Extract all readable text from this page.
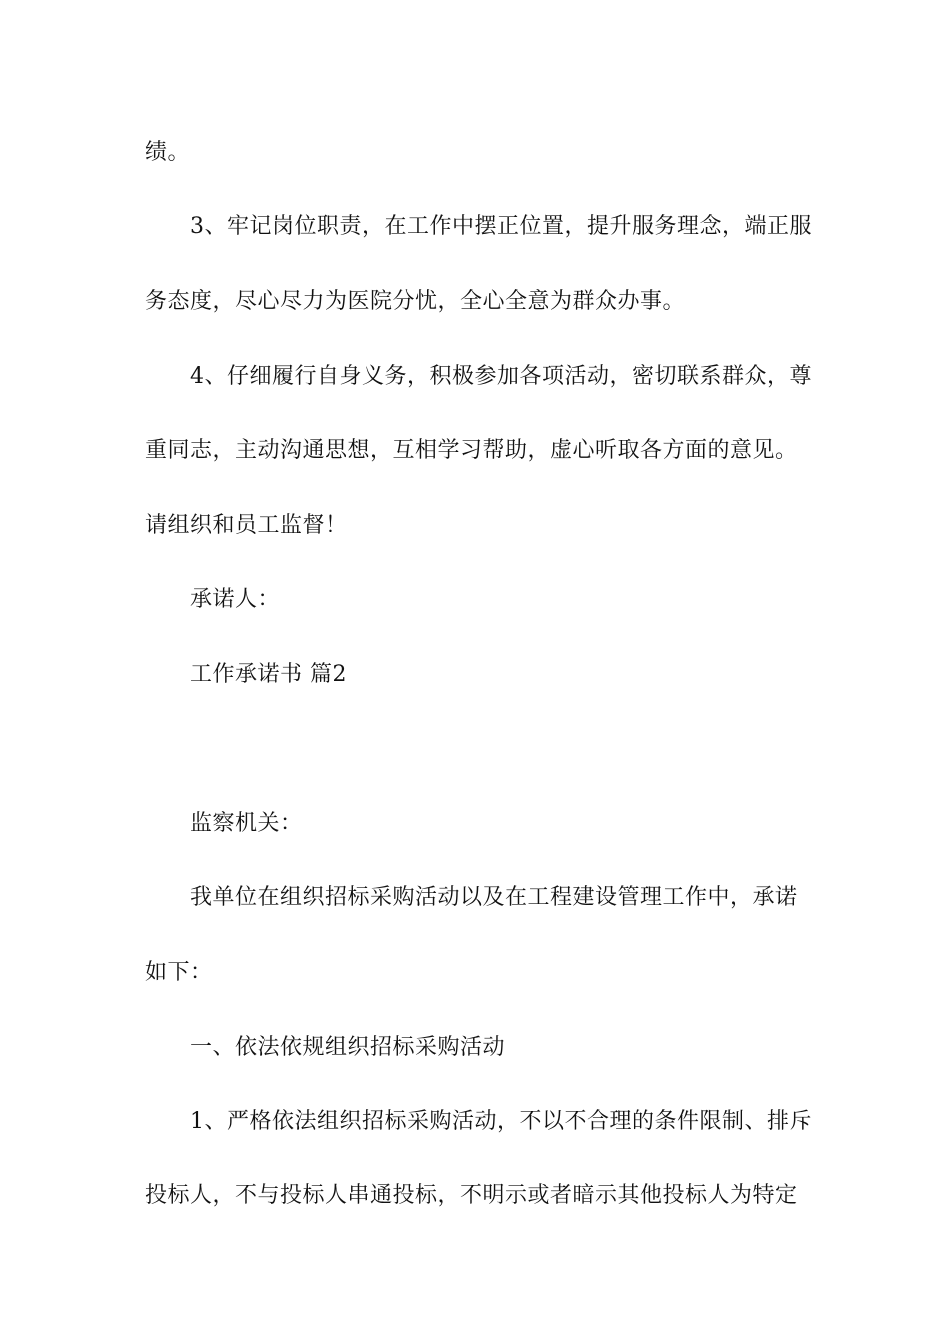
绩。
3、牢记岗位职责，在工作中摆正位置，提升服务理念，端正服
务态度，尽心尽力为医院分忧，全心全意为群众办事。
4、仔细履行自身义务，积极参加各项活动，密切联系群众，尊
重同志，主动沟通思想，互相学习帮助，虚心听取各方面的意见。
请组织和员工监督！
承诺人：
工作承诺书 篇2
监察机关：
我单位在组织招标采购活动以及在工程建设管理工作中，承诺
如下：
一、依法依规组织招标采购活动
1、严格依法组织招标采购活动，不以不合理的条件限制、排斥
投标人，不与投标人串通投标，不明示或者暗示其他投标人为特定
